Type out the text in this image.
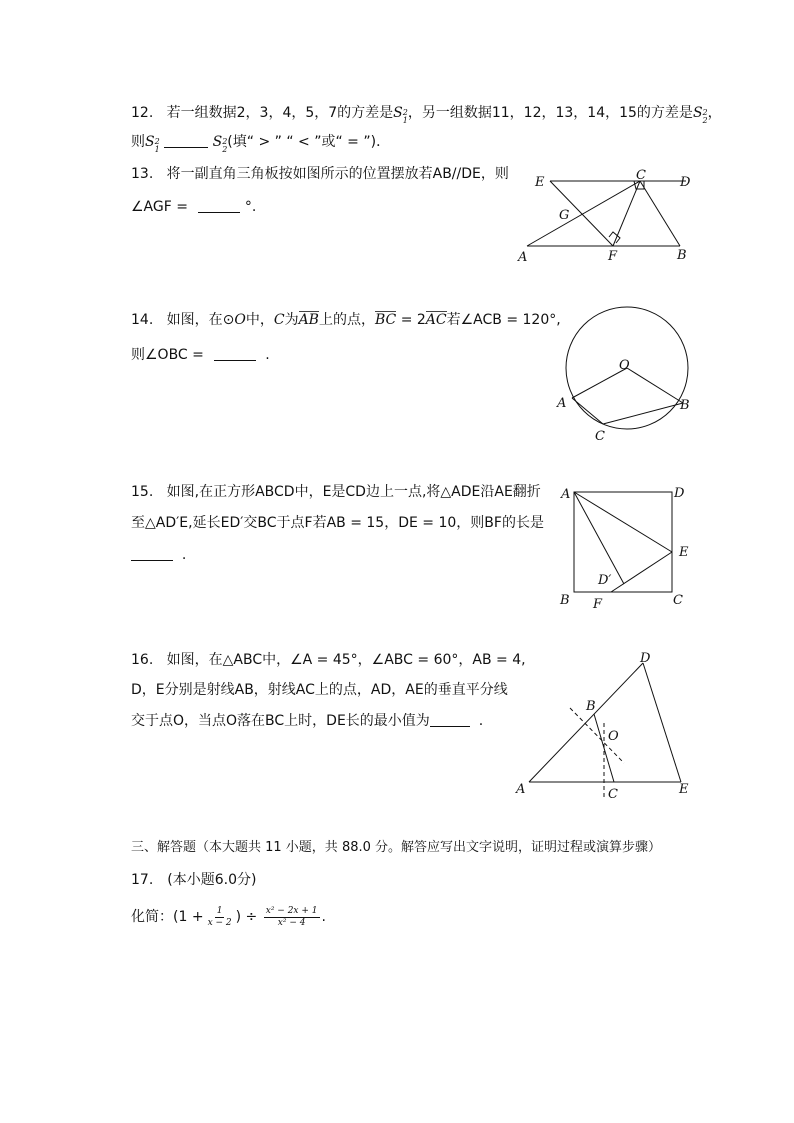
12. 若一组数据2，3，4，5，7的方差是S 2
1 ，另一组数据11，12，13，14，15的方差是S 2
2 ，
则S 2
1	S 2
2 (填“ > ” “ < ”或“ = ”)．
13. 将一副直角三角板按如图所示的位置摆放若AB//DE，则
∠AGF =	°.
E	C	D
G
A	F	B
14. 如图，在⊙O中，C为AB上的点，BC = 2AC若∠ACB = 120°,
则∠OBC =	.
O
A	B
C
15. 如图,在正方形ABCD中，E是CD边上一点,将△ADE沿AE翻折
至△AD′E,延长ED′交BC于点F若AB = 15，DE = 10，则BF的长是
.
A	D
E
D′
B F	C
16. 如图，在△ABC中，∠A = 45°，∠ABC = 60°，AB = 4,
D，E分别是射线AB，射线AC上的点，AD，AE的垂直平分线
交于点O，当点O落在BC上时，DE长的最小值为	.
D
B
O
A	C	E
三、解答题（本大题共 11 小题，共 88.0 分。解答应写出文字说明，证明过程或演算步骤）
17.　(本小题6.0分)
化简：($1 + \frac{1}{x - 2}$ ) ÷ $\frac{\text{x² − 2x + 1}}{\text{x² − 4}}$ .
